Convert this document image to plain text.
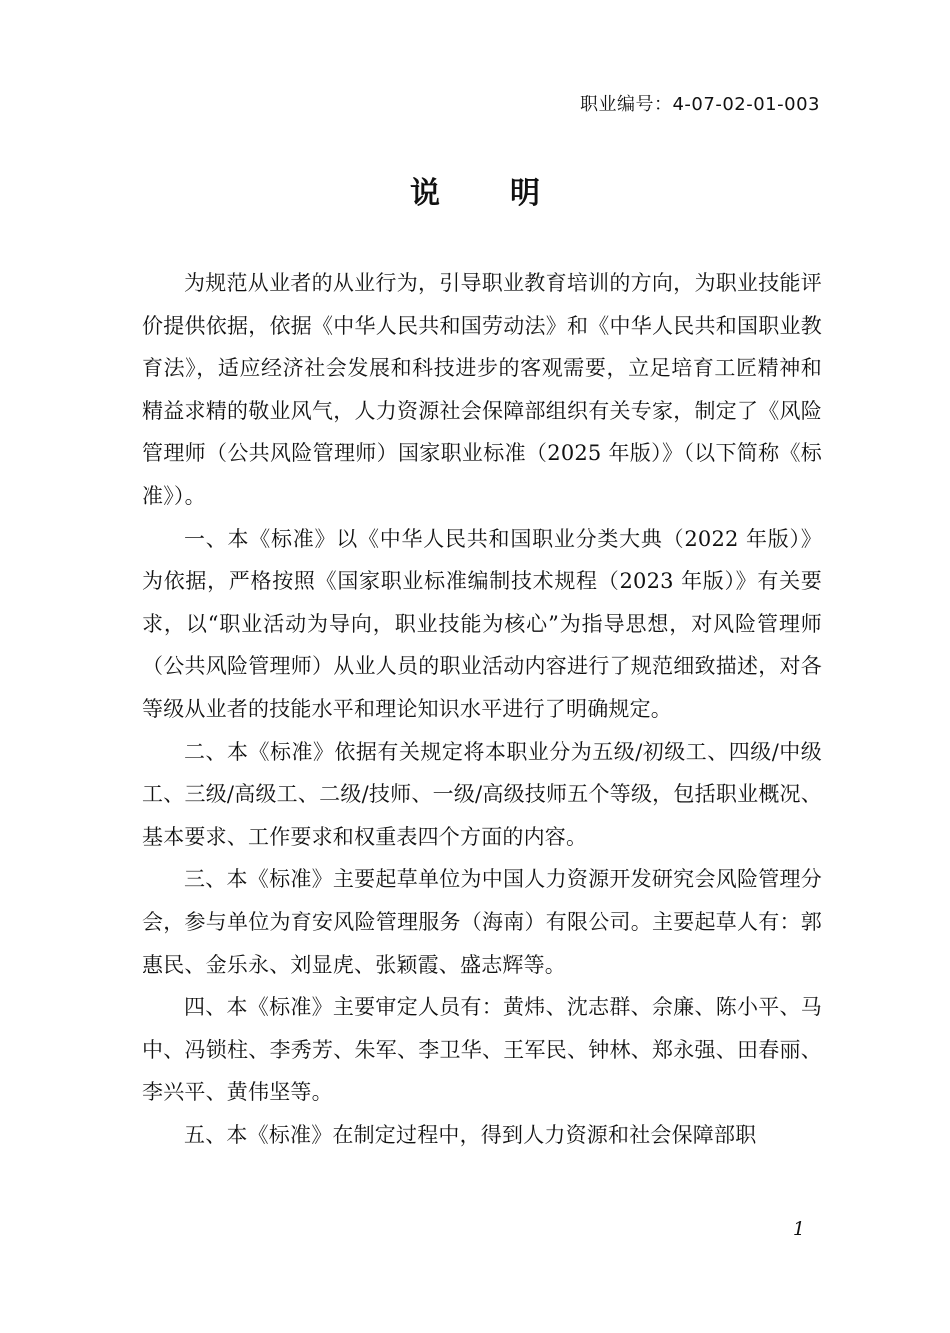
职业编号：4-07-02-01-003
说明

为规范从业者的从业行为，引导职业教育培训的方向，为职业技能评价提供依据，依据《中华人民共和国劳动法》和《中华人民共和国职业教育法》，适应经济社会发展和科技进步的客观需要，立足培育工匠精神和精益求精的敬业风气，人力资源社会保障部组织有关专家，制定了《风险管理师（公共风险管理师）国家职业标准（2025 年版）》（以下简称《标准》）。

一、本《标准》以《中华人民共和国职业分类大典（2022 年版）》为依据，严格按照《国家职业标准编制技术规程（2023 年版）》有关要求，以“职业活动为导向，职业技能为核心”为指导思想，对风险管理师（公共风险管理师）从业人员的职业活动内容进行了规范细致描述，对各等级从业者的技能水平和理论知识水平进行了明确规定。

二、本《标准》依据有关规定将本职业分为五级/初级工、四级/中级工、三级/高级工、二级/技师、一级/高级技师五个等级，包括职业概况、基本要求、工作要求和权重表四个方面的内容。

三、本《标准》主要起草单位为中国人力资源开发研究会风险管理分会，参与单位为育安风险管理服务（海南）有限公司。主要起草人有：郭惠民、金乐永、刘显虎、张颖霞、盛志辉等。

四、本《标准》主要审定人员有：黄炜、沈志群、佘廉、陈小平、马中、冯锁柱、李秀芳、朱军、李卫华、王军民、钟林、郑永强、田春丽、李兴平、黄伟坚等。

五、本《标准》在制定过程中，得到人力资源和社会保障部职

1
